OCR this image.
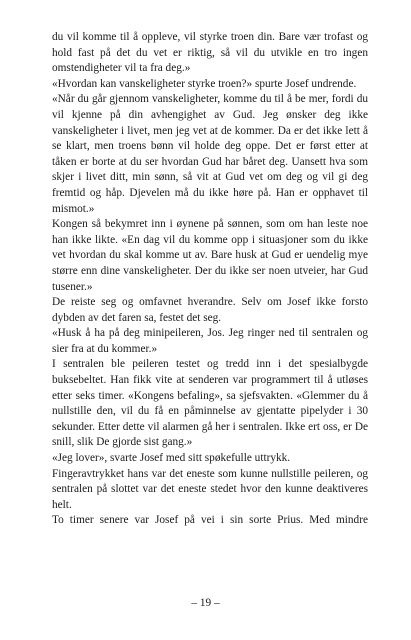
du vil komme til å oppleve, vil styrke troen din. Bare vær trofast og hold fast på det du vet er riktig, så vil du utvikle en tro ingen omstendigheter vil ta fra deg.»

«Hvordan kan vanskeligheter styrke troen?» spurte Josef undrende.

«Når du går gjennom vanskeligheter, komme du til å be mer, fordi du vil kjenne på din avhengighet av Gud. Jeg ønsker deg ikke vanskeligheter i livet, men jeg vet at de kommer. Da er det ikke lett å se klart, men troens bønn vil holde deg oppe. Det er først etter at tåken er borte at du ser hvordan Gud har båret deg. Uansett hva som skjer i livet ditt, min sønn, så vit at Gud vet om deg og vil gi deg fremtid og håp. Djevelen må du ikke høre på. Han er opphavet til mismot.»

Kongen så bekymret inn i øynene på sønnen, som om han leste noe han ikke likte. «En dag vil du komme opp i situasjoner som du ikke vet hvordan du skal komme ut av. Bare husk at Gud er uendelig mye større enn dine vanskeligheter. Der du ikke ser noen utveier, har Gud tusener.»

De reiste seg og omfavnet hverandre. Selv om Josef ikke forsto dybden av det faren sa, festet det seg.

«Husk å ha på deg minipeileren, Jos. Jeg ringer ned til sentralen og sier fra at du kommer.»

I sentralen ble peileren testet og tredd inn i det spesialbygde buksebeltet. Han fikk vite at senderen var programmert til å utløses etter seks timer. «Kongens befaling», sa sjefsvakten. «Glemmer du å nullstille den, vil du få en påminnelse av gjentatte pipelyder i 30 sekunder. Etter dette vil alarmen gå her i sentralen. Ikke ert oss, er De snill, slik De gjorde sist gang.»

«Jeg lover», svarte Josef med sitt spøkefulle uttrykk.

Fingeravtrykket hans var det eneste som kunne nullstille peileren, og sentralen på slottet var det eneste stedet hvor den kunne deaktiveres helt.

To timer senere var Josef på vei i sin sorte Prius. Med mindre

– 19 –
